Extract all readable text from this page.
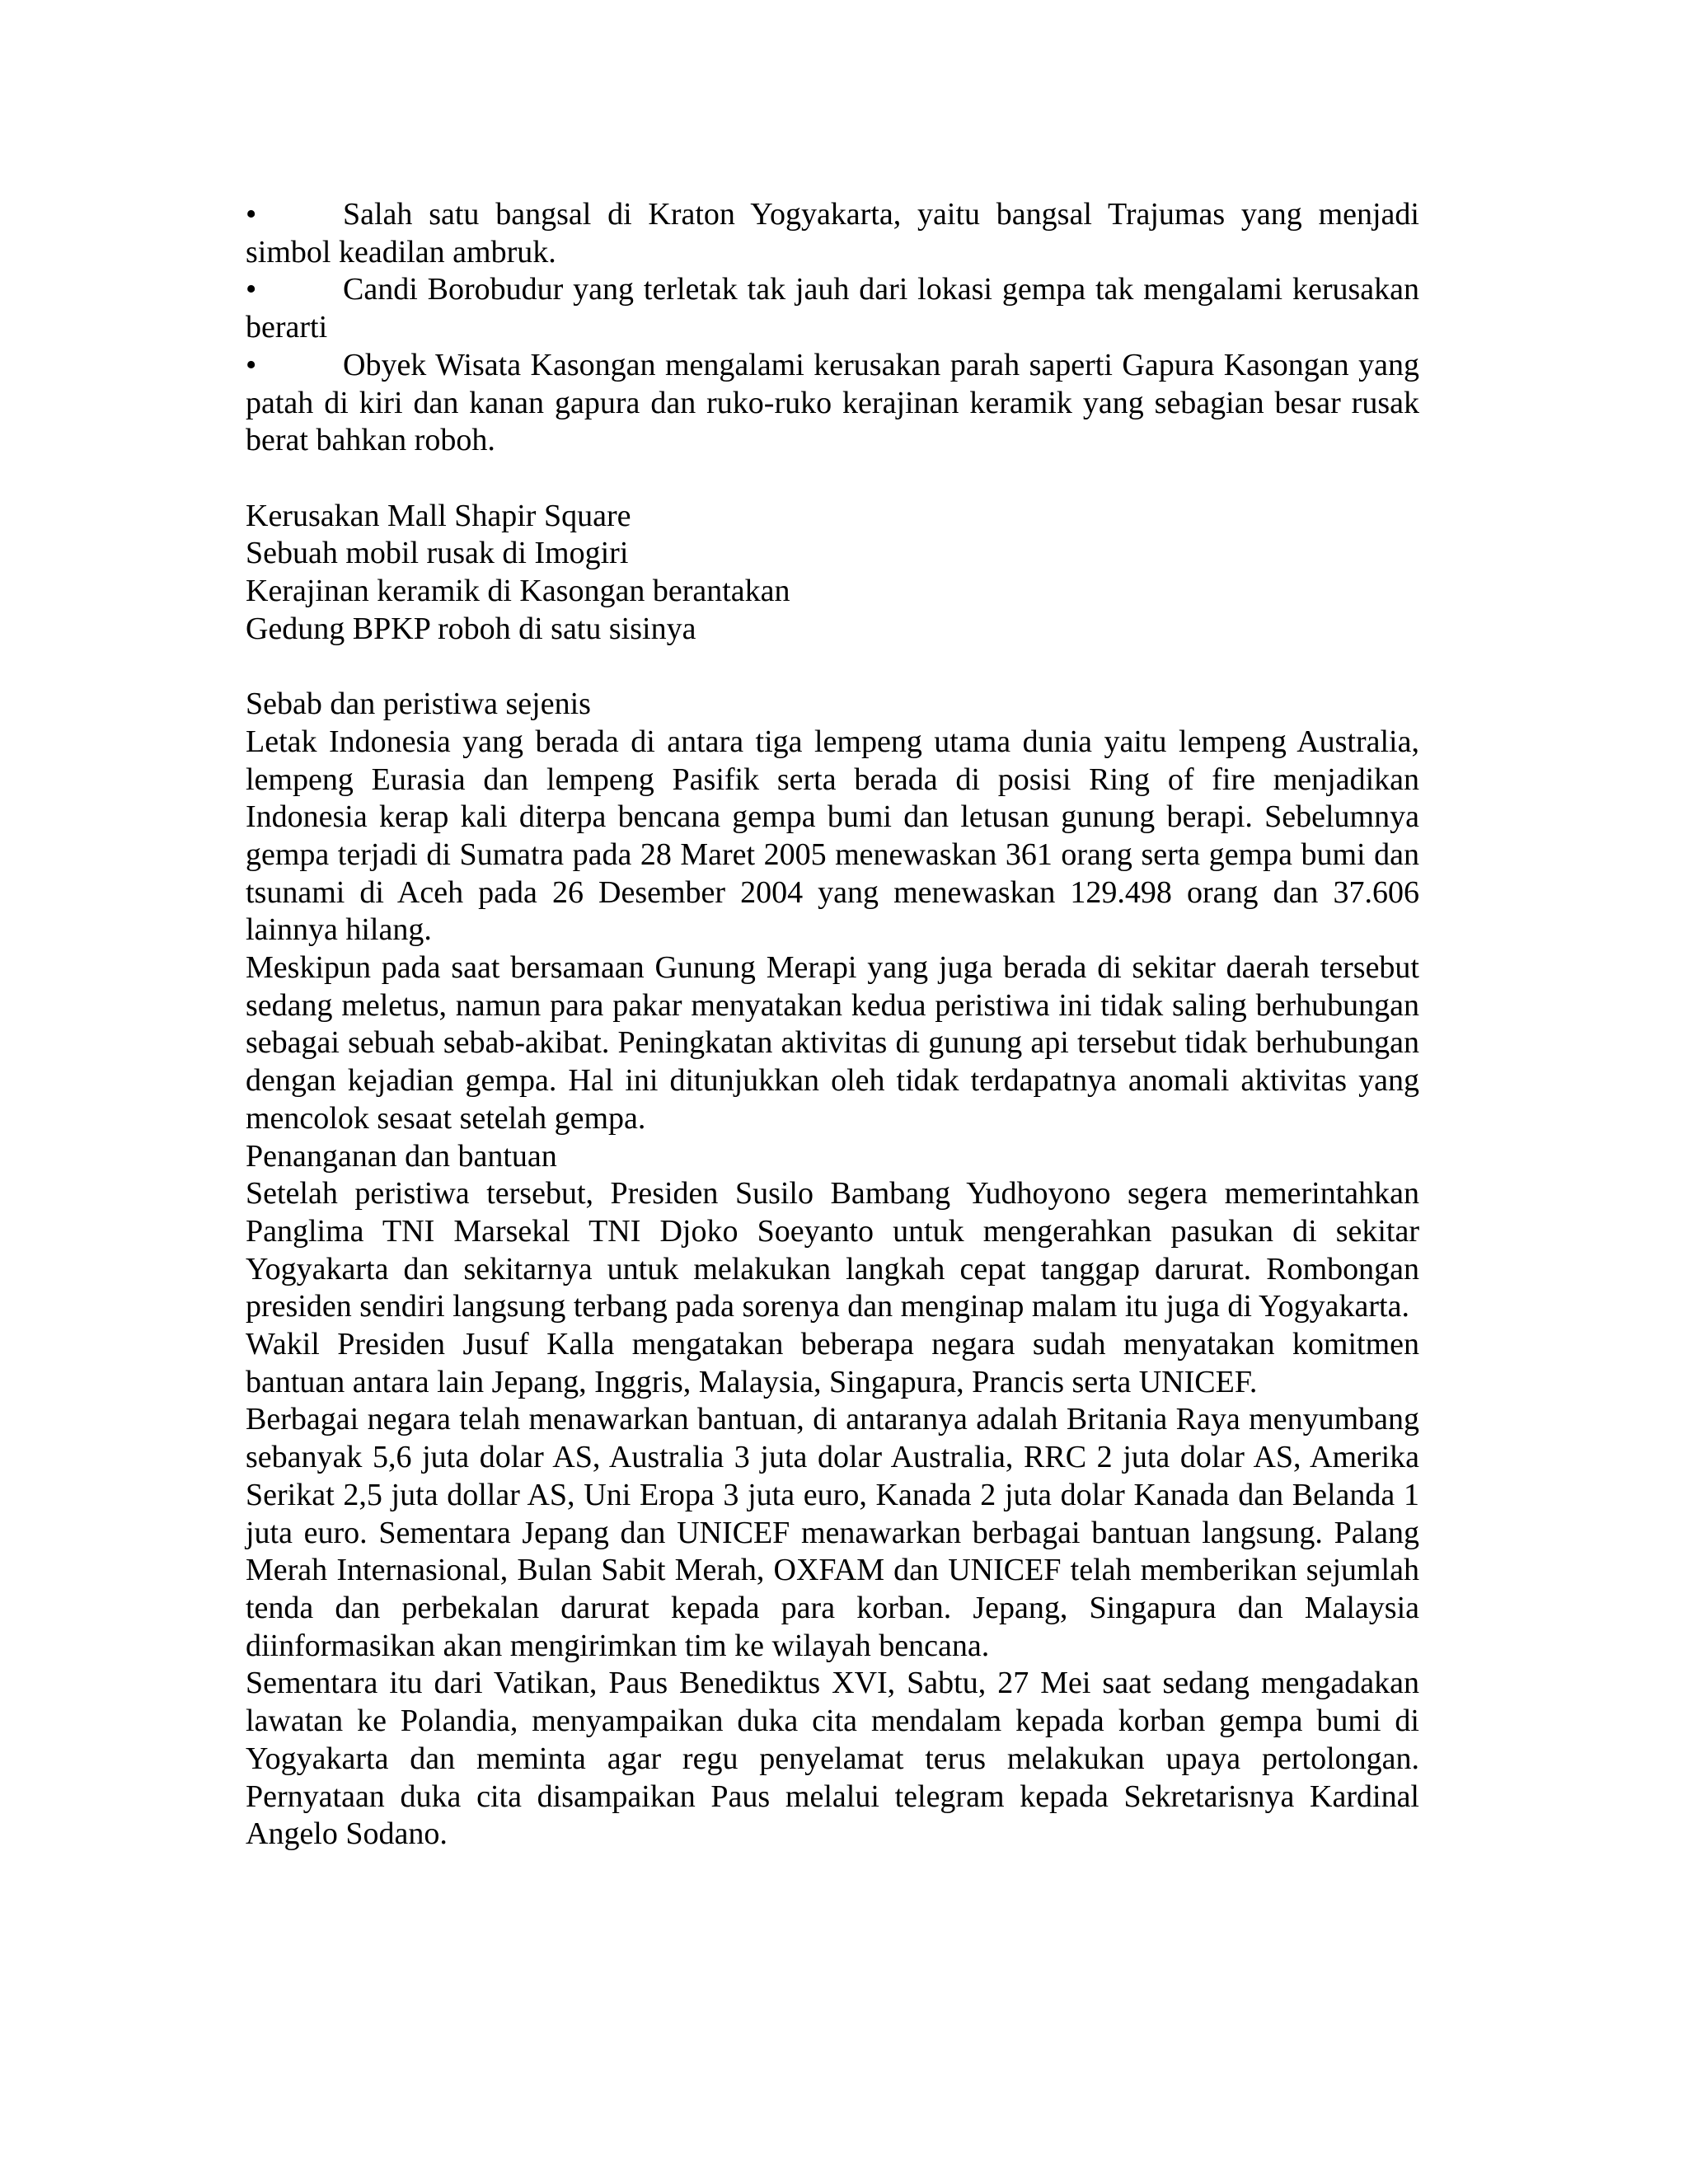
•	Salah satu bangsal di Kraton Yogyakarta, yaitu bangsal Trajumas yang menjadi simbol keadilan ambruk.

•	Candi Borobudur yang terletak tak jauh dari lokasi gempa tak mengalami kerusakan berarti

•	Obyek Wisata Kasongan mengalami kerusakan parah saperti Gapura Kasongan yang patah di kiri dan kanan gapura dan ruko-ruko kerajinan keramik yang sebagian besar rusak berat bahkan roboh.

Kerusakan Mall Shapir Square

Sebuah mobil rusak di Imogiri

Kerajinan keramik di Kasongan berantakan

Gedung BPKP roboh di satu sisinya

Sebab dan peristiwa sejenis

Letak Indonesia yang berada di antara tiga lempeng utama dunia yaitu lempeng Australia, lempeng Eurasia dan lempeng Pasifik serta berada di posisi Ring of fire menjadikan Indonesia kerap kali diterpa bencana gempa bumi dan letusan gunung berapi. Sebelumnya gempa terjadi di Sumatra pada 28 Maret 2005 menewaskan 361 orang serta gempa bumi dan tsunami di Aceh pada 26 Desember 2004 yang menewaskan 129.498 orang dan 37.606 lainnya hilang.

Meskipun pada saat bersamaan Gunung Merapi yang juga berada di sekitar daerah tersebut sedang meletus, namun para pakar menyatakan kedua peristiwa ini tidak saling berhubungan sebagai sebuah sebab-akibat. Peningkatan aktivitas di gunung api tersebut tidak berhubungan dengan kejadian gempa. Hal ini ditunjukkan oleh tidak terdapatnya anomali aktivitas yang mencolok sesaat setelah gempa.

Penanganan dan bantuan

Setelah peristiwa tersebut, Presiden Susilo Bambang Yudhoyono segera memerintahkan Panglima TNI Marsekal TNI Djoko Soeyanto untuk mengerahkan pasukan di sekitar Yogyakarta dan sekitarnya untuk melakukan langkah cepat tanggap darurat. Rombongan presiden sendiri langsung terbang pada sorenya dan menginap malam itu juga di Yogyakarta.

Wakil Presiden Jusuf Kalla mengatakan beberapa negara sudah menyatakan komitmen bantuan antara lain Jepang, Inggris, Malaysia, Singapura, Prancis serta UNICEF.

Berbagai negara telah menawarkan bantuan, di antaranya adalah Britania Raya menyumbang sebanyak 5,6 juta dolar AS, Australia 3 juta dolar Australia, RRC 2 juta dolar AS, Amerika Serikat 2,5 juta dollar AS, Uni Eropa 3 juta euro, Kanada 2 juta dolar Kanada dan Belanda 1 juta euro. Sementara Jepang dan UNICEF menawarkan berbagai bantuan langsung. Palang Merah Internasional, Bulan Sabit Merah, OXFAM dan UNICEF telah memberikan sejumlah tenda dan perbekalan darurat kepada para korban. Jepang, Singapura dan Malaysia diinformasikan akan mengirimkan tim ke wilayah bencana.

Sementara itu dari Vatikan, Paus Benediktus XVI, Sabtu, 27 Mei saat sedang mengadakan lawatan ke Polandia, menyampaikan duka cita mendalam kepada korban gempa bumi di Yogyakarta dan meminta agar regu penyelamat terus melakukan upaya pertolongan. Pernyataan duka cita disampaikan Paus melalui telegram kepada Sekretarisnya Kardinal Angelo Sodano.
